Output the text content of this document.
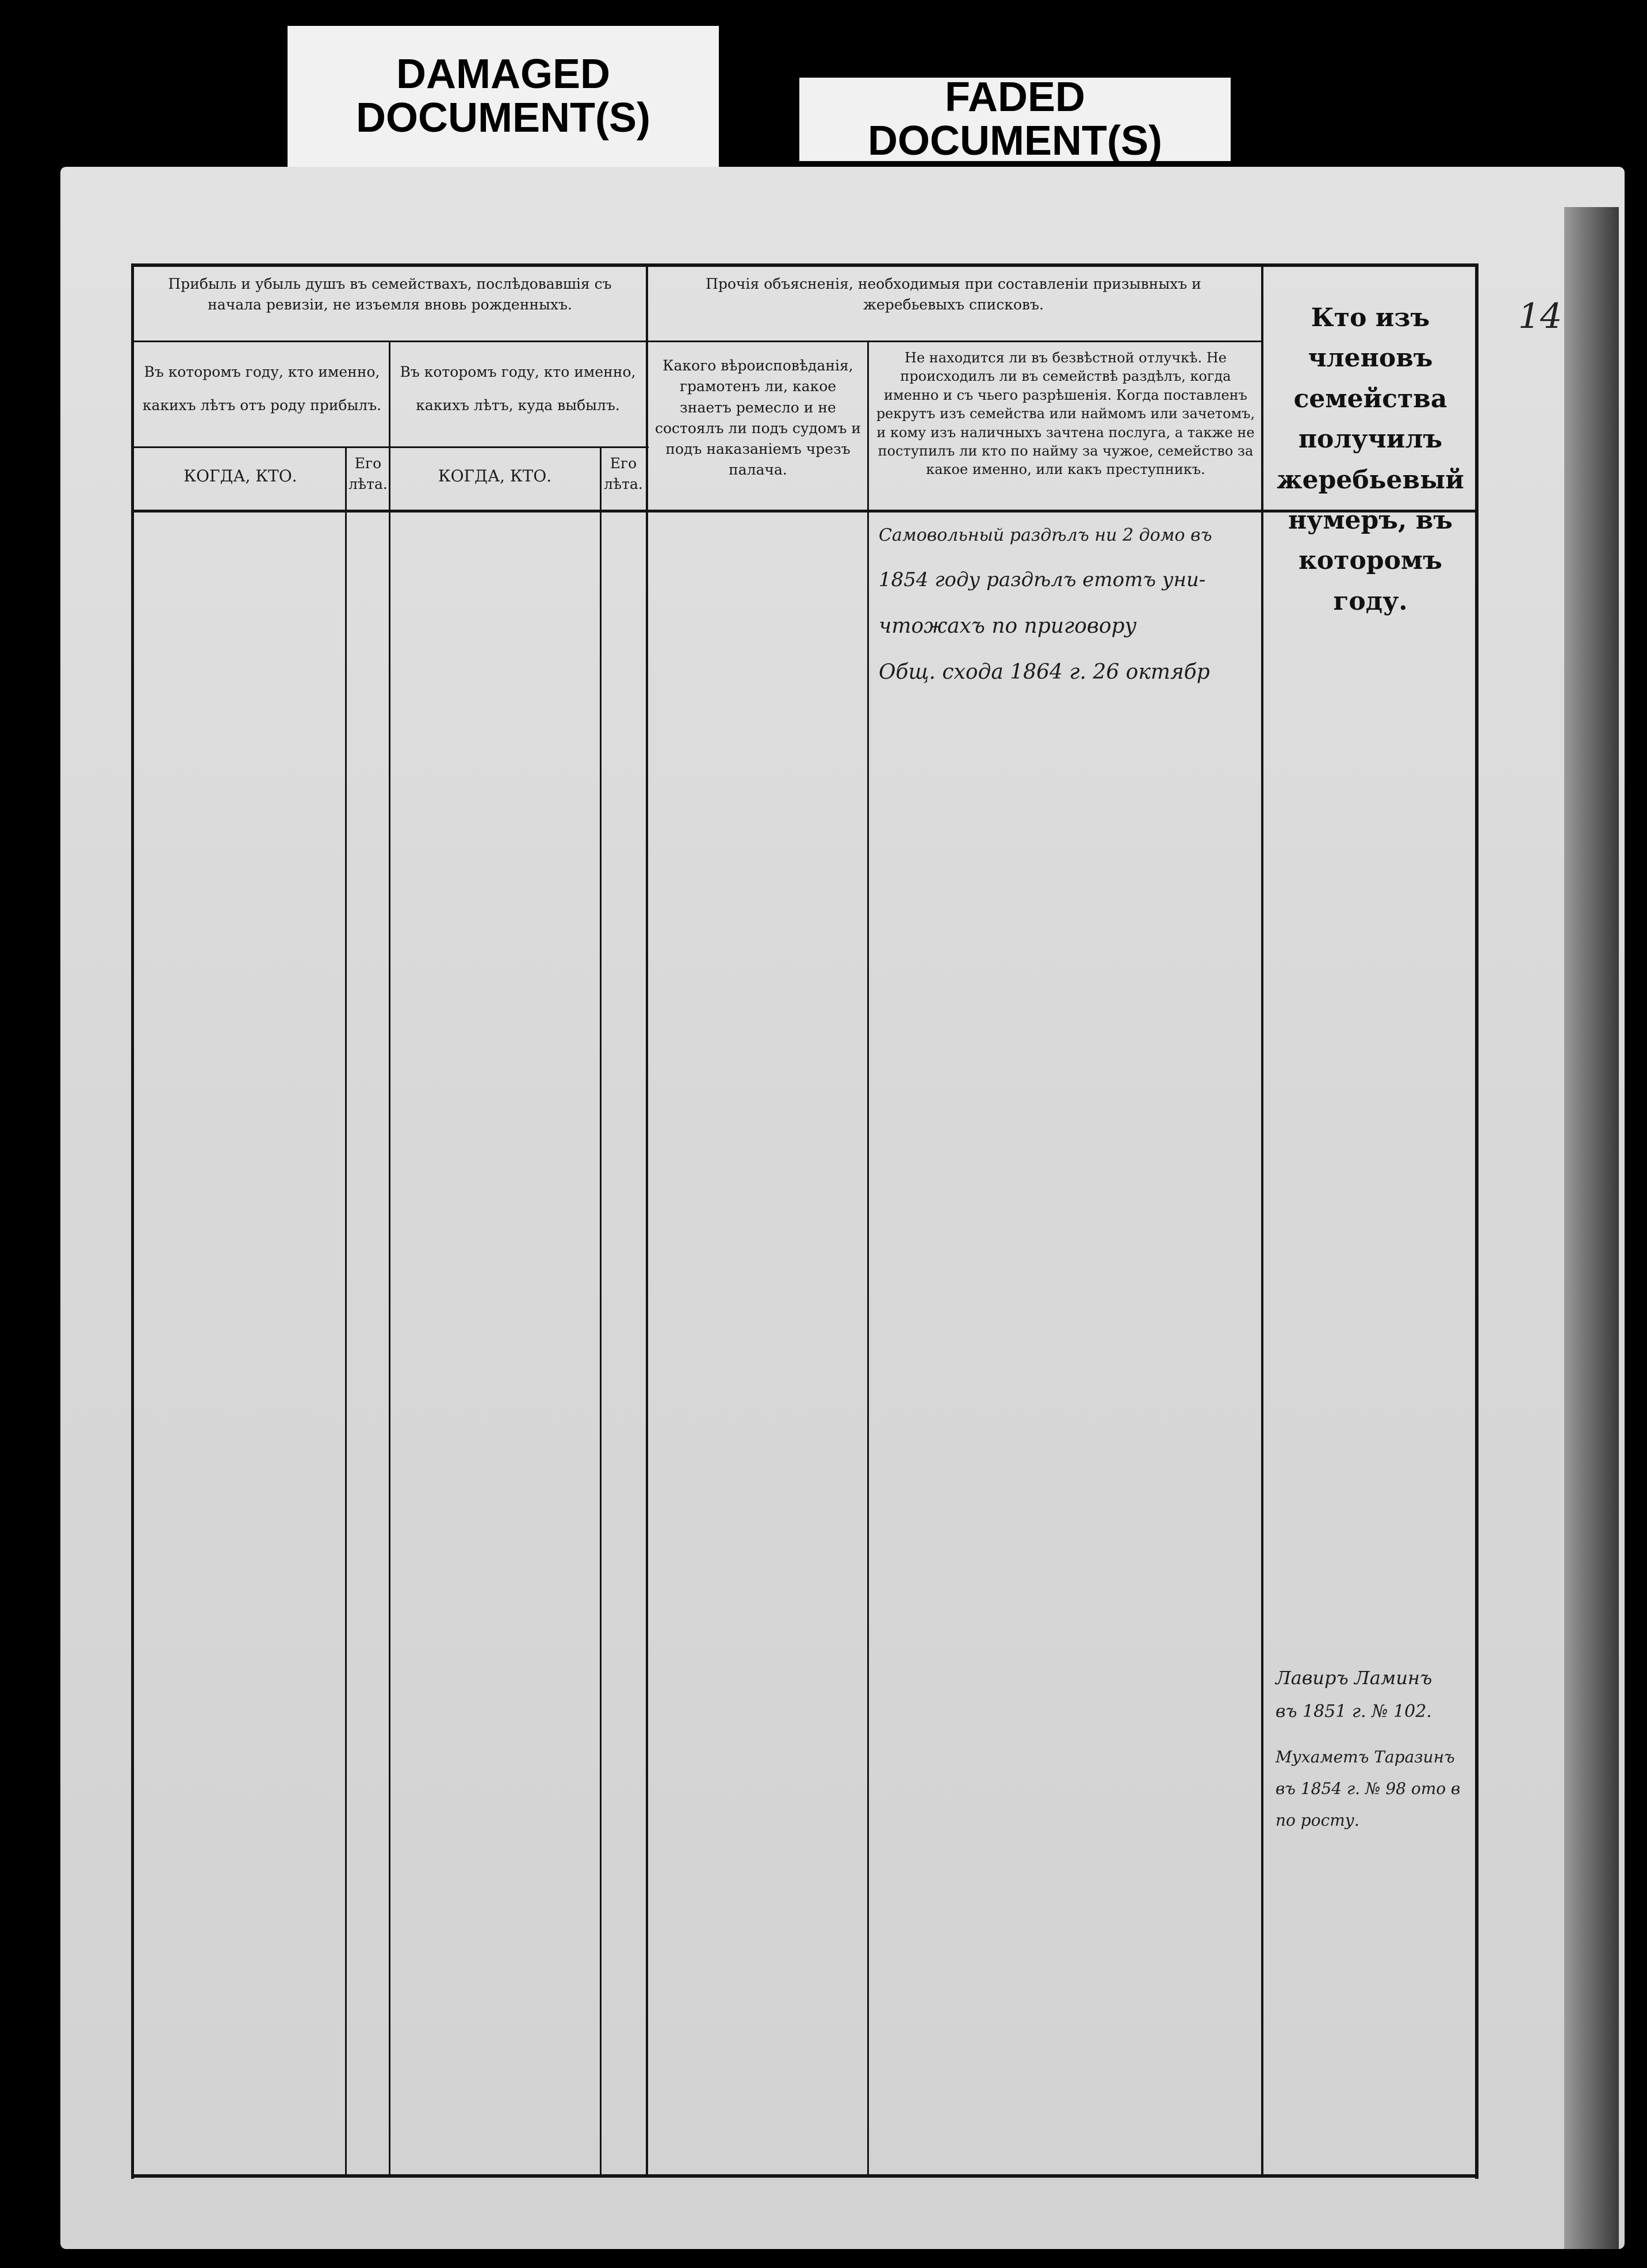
DAMAGED DOCUMENT(S)	FADED DOCUMENT(S)
14
Прибыль и убыль душъ въ семействахъ, послѣдовавшія съ начала ревизіи, не изъемля вновь рожденныхъ.
Въ которомъ году, кто именно, какихъ лѣтъ отъ роду прибылъ.
Въ которомъ году, кто именно, какихъ лѣтъ, куда выбылъ.
КОГДА, КТО.
Его лѣта.	КОГДА, КТО.
Его лѣта.
Прочія объясненія, необходимыя при составленіи призывныхъ и жеребьевыхъ списковъ.
Какого вѣроисповѣданія, грамотенъ ли, какое знаетъ ремесло и не состоялъ ли подъ судомъ и подъ наказаніемъ чрезъ палача.
Не находится ли въ безвѣстной отлучкѣ. Не происходилъ ли въ семействѣ раздѣлъ, когда именно и съ чьего разрѣшенія. Когда поставленъ рекрутъ изъ семейства или наймомъ или зачетомъ, и кому изъ наличныхъ зачтена послуга, а также не поступилъ ли кто по найму за чужое, семейство за какое именно, или какъ преступникъ.
Кто изъ членовъ семейства получилъ жеребьевый нумеръ, въ которомъ году.
Самовольный раздѣлъ ни 2 домо въ
1854 году раздѣлъ етотъ уни-
чтожахъ по приговору
Общ. схода 1864 г. 26 октябр
Лавиръ Ламинъ
въ 1851 г. № 102.
Мухаметъ Таразинъ
въ 1854 г. № 98 ото в
по росту.
